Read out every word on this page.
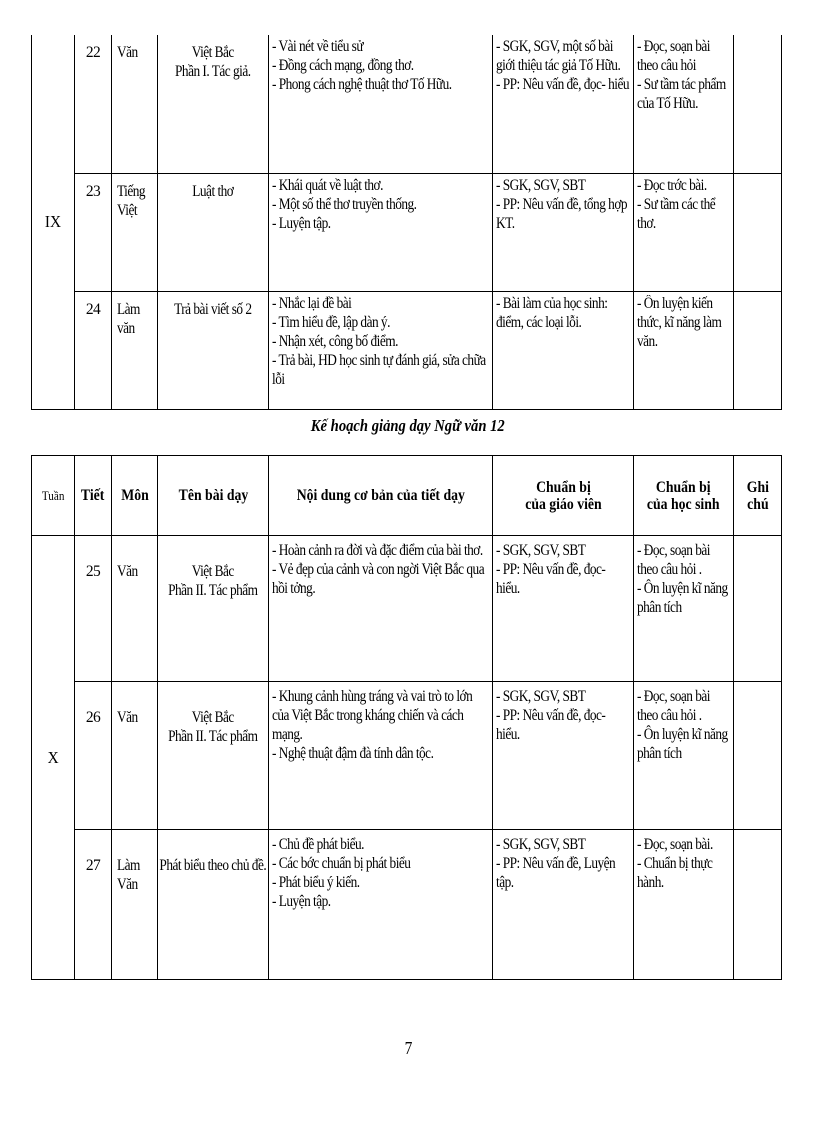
IX	22	Văn	Việt Bắc
Phần I. Tác giả.	- Vài nét về tiểu sử
- Đồng cách mạng, đồng thơ.
- Phong cách nghệ thuật thơ Tố Hữu.	- SGK, SGV, một số bài giới thiệu tác giả Tố Hữu.
- PP: Nêu vấn đề, đọc- hiểu	- Đọc, soạn bài theo câu hỏi
- Sư tầm tác phẩm của Tố Hữu.	

	23	Tiếng Việt	Luật thơ	- Khái quát về luật thơ.
- Một số thể thơ truyền thống.
- Luyện tập.	- SGK, SGV, SBT
- PP: Nêu vấn đề, tổng hợp KT.	- Đọc trớc bài.
- Sư tầm các thể thơ.	

	24	Làm văn	Trả bài viết số 2	- Nhắc lại đề bài
- Tìm hiểu đề, lập dàn ý.
- Nhận xét, công bố điểm.
- Trả bài, HD học sinh tự đánh giá, sửa chữa lỗi	- Bài làm của học sinh: điểm, các loại lỗi.	- Ôn luyện kiến thức, kĩ năng làm văn.	

Kế hoạch giảng dạy Ngữ văn 12
Tuần	Tiết	Môn	Tên bài dạy	Nội dung cơ bản của tiết dạy	Chuẩn bị
của giáo viên	Chuẩn bị
của học sinh	Ghi
chú
X	25	Văn	Việt Bắc
Phần II. Tác phẩm	- Hoàn cảnh ra đời và đặc điểm của bài thơ.
- Vẻ đẹp của cảnh và con ngời Việt Bắc qua hồi tởng.	- SGK, SGV, SBT
- PP: Nêu vấn đề, đọc- hiểu.	- Đọc, soạn bài theo câu hỏi .
- Ôn luyện kĩ năng phân tích	

	26	Văn	Việt Bắc
Phần II. Tác phẩm	- Khung cảnh hùng tráng và vai trò to lớn của Việt Bắc trong kháng chiến và cách mạng.
- Nghệ thuật đậm đà tính dân tộc.	- SGK, SGV, SBT
- PP: Nêu vấn đề, đọc- hiểu.	- Đọc, soạn bài theo câu hỏi .
- Ôn luyện kĩ năng phân tích	

	27	Làm Văn	Phát biểu theo chủ đề.	- Chủ đề phát biểu.
- Các bớc chuẩn bị phát biểu
- Phát biểu ý kiến.
- Luyện tập.	- SGK, SGV, SBT
- PP: Nêu vấn đề, Luyện tập.	- Đọc, soạn bài.
- Chuẩn bị thực hành.	

7
